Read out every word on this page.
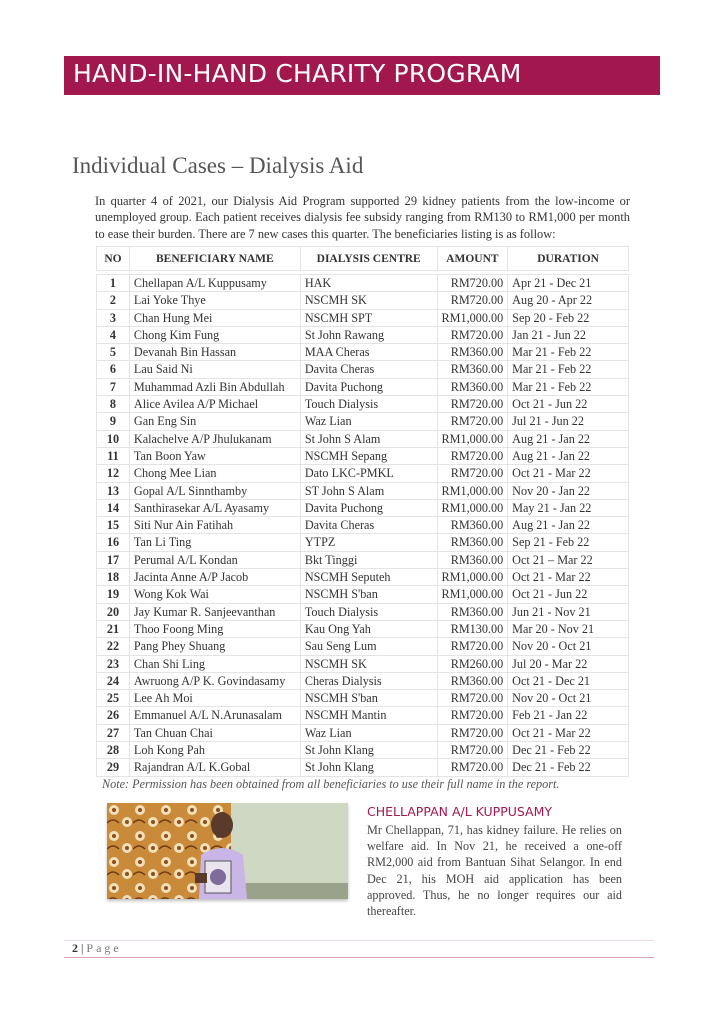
HAND-IN-HAND CHARITY PROGRAM
Individual Cases – Dialysis Aid
In quarter 4 of 2021, our Dialysis Aid Program supported 29 kidney patients from the low-income or unemployed group. Each patient receives dialysis fee subsidy ranging from RM130 to RM1,000 per month to ease their burden. There are 7 new cases this quarter. The beneficiaries listing is as follow:
NO	BENEFICIARY NAME	DIALYSIS CENTRE	AMOUNT	DURATION

1	Chellapan A/L Kuppusamy	HAK	RM720.00	Apr 21 - Dec 21
2	Lai Yoke Thye	NSCMH SK	RM720.00	Aug 20 - Apr 22
3	Chan Hung Mei	NSCMH SPT	RM1,000.00	Sep 20 - Feb 22
4	Chong Kim Fung	St John Rawang	RM720.00	Jan 21 - Jun 22
5	Devanah Bin Hassan	MAA Cheras	RM360.00	Mar 21 - Feb 22
6	Lau Said Ni	Davita Cheras	RM360.00	Mar 21 - Feb 22
7	Muhammad Azli Bin Abdullah	Davita Puchong	RM360.00	Mar 21 - Feb 22
8	Alice Avilea A/P Michael	Touch Dialysis	RM720.00	Oct 21 - Jun 22
9	Gan Eng Sin	Waz Lian	RM720.00	Jul 21 - Jun 22
10	Kalachelve A/P Jhulukanam	St John S Alam	RM1,000.00	Aug 21 - Jan 22
11	Tan Boon Yaw	NSCMH Sepang	RM720.00	Aug 21 - Jan 22
12	Chong Mee Lian	Dato LKC-PMKL	RM720.00	Oct 21 - Mar 22
13	Gopal A/L Sinnthamby	ST John S Alam	RM1,000.00	Nov 20 - Jan 22
14	Santhirasekar A/L Ayasamy	Davita Puchong	RM1,000.00	May 21 - Jan 22
15	Siti Nur Ain Fatihah	Davita Cheras	RM360.00	Aug 21 - Jan 22
16	Tan Li Ting	YTPZ	RM360.00	Sep 21 - Feb 22
17	Perumal A/L Kondan	Bkt Tinggi	RM360.00	Oct 21 – Mar 22
18	Jacinta Anne A/P Jacob	NSCMH Seputeh	RM1,000.00	Oct 21 - Mar 22
19	Wong Kok Wai	NSCMH S'ban	RM1,000.00	Oct 21 - Jun 22
20	Jay Kumar R. Sanjeevanthan	Touch Dialysis	RM360.00	Jun 21 - Nov 21
21	Thoo Foong Ming	Kau Ong Yah	RM130.00	Mar 20 - Nov 21
22	Pang Phey Shuang	Sau Seng Lum	RM720.00	Nov 20 - Oct 21
23	Chan Shi Ling	NSCMH SK	RM260.00	Jul 20 - Mar 22
24	Awruong A/P K. Govindasamy	Cheras Dialysis	RM360.00	Oct 21 - Dec 21
25	Lee Ah Moi	NSCMH S'ban	RM720.00	Nov 20 - Oct 21
26	Emmanuel A/L N.Arunasalam	NSCMH Mantin	RM720.00	Feb 21 - Jan 22
27	Tan Chuan Chai	Waz Lian	RM720.00	Oct 21 - Mar 22
28	Loh Kong Pah	St John Klang	RM720.00	Dec 21 - Feb 22
29	Rajandran A/L K.Gobal	St John Klang	RM720.00	Dec 21 - Feb 22
Note: Permission has been obtained from all beneficiaries to use their full name in the report.
CHELLAPPAN A/L KUPPUSAMY
Mr Chellappan, 71, has kidney failure. He relies on welfare aid. In Nov 21, he received a one-off RM2,000 aid from Bantuan Sihat Selangor. In end Dec 21, his MOH aid application has been approved. Thus, he no longer requires our aid thereafter.
2 | Page
